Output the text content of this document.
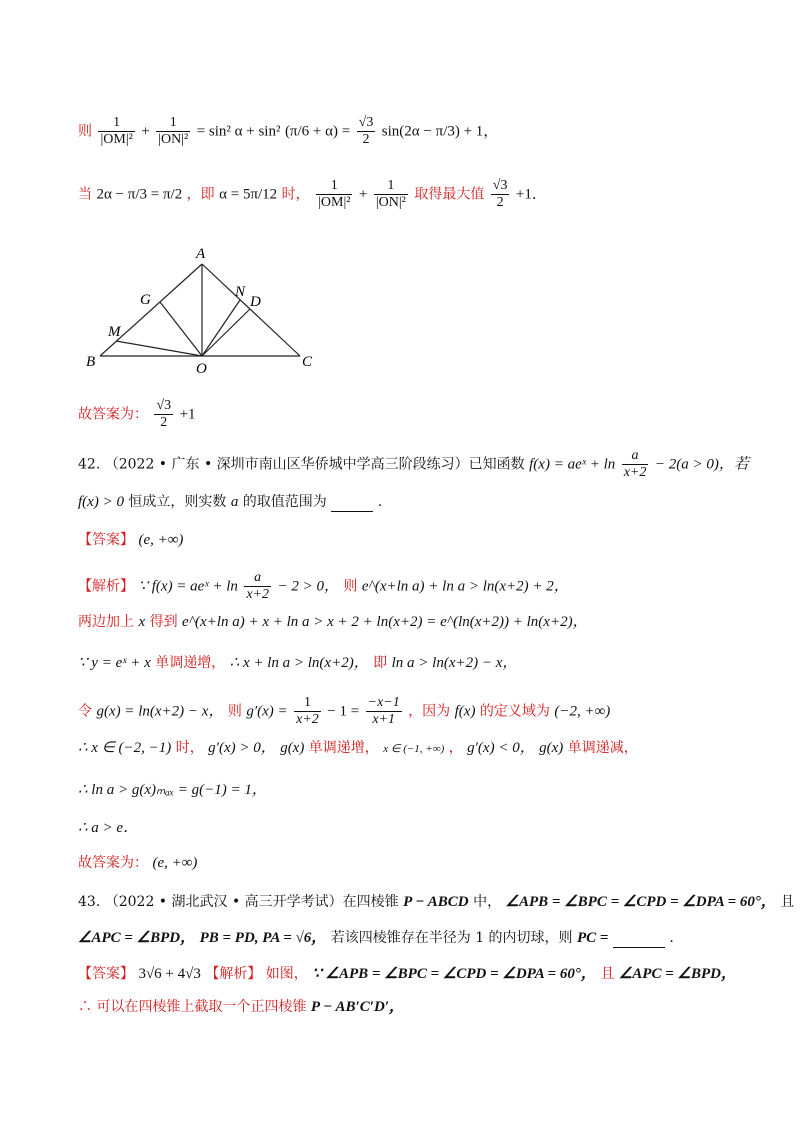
则 $\frac{1}{\text{|OM|²}} + \frac{1}{\text{|ON|²}} = \sin^2$ α + sin² $(\pi/6 + \alpha) = \frac{√3}{2} \sin(2\alpha - \pi/3) + 1$，
当 2α − π/3 = π/2 ，即 α = 5π/12 时， $\frac{1}{\text{|OM|²}} + \frac{1}{\text{|ON|²}}$ 取得最大值 $\frac{√3}{2} +1$．
A
G	N
D
M
B	O	C
故答案为： $\frac{√3}{2} +1$
42. （2022 • 广东 • 深圳市南山区华侨城中学高三阶段练习）已知函数 f(x) = aeˣ + $\ln \frac{a}{x+2} - 2(a > 0)$，若
f(x) > 0 恒成立，则实数 a 的取值范围为	.
【答案】 (e, +∞)
【解析】 ∵ f(x) = aeˣ + $\ln \frac{a}{x+2} - 2 > 0$， 则 e^(x+ln a) + ln a > ln(x+2) + 2，
两边加上 x 得到 e^(x+ln a) + x + ln a > x + 2 + ln(x+2) = e^(ln(x+2)) + ln(x+2)，
∵ y = eˣ + x 单调递增， ∴ x + ln a > ln(x+2)， 即 ln a > ln(x+2) − x，
令 g(x) = ln(x+2) − x， 则 $g'(x) = \frac{1}{x+2} - 1 = \frac{-x-1}{x+1}$ ，因为 f(x) 的定义域为 (−2, +∞)
∴ x ∈ (−2, −1) 时， g′(x) > 0， g(x) 单调递增， x ∈ (−1, +∞) ， g′(x) < 0， g(x) 单调递减，
∴ ln a > g(x)ₘₐₓ = g(−1) = 1，
∴ a > e．
故答案为： (e, +∞)
43. （2022 • 湖北武汉 • 高三开学考试）在四棱锥 P − ABCD 中， ∠APB = ∠BPC = ∠CPD = ∠DPA = 60°， 且
∠APC = ∠BPD， PB = PD, PA = √6， 若该四棱锥存在半径为 1 的内切球，则 PC =	.
【答案】 3√6 + 4√3 【解析】 如图， ∵ ∠APB = ∠BPC = ∠CPD = ∠DPA = 60°， 且 ∠APC = ∠BPD，
∴ 可以在四棱锥上截取一个正四棱锥 P − AB′C′D′，
